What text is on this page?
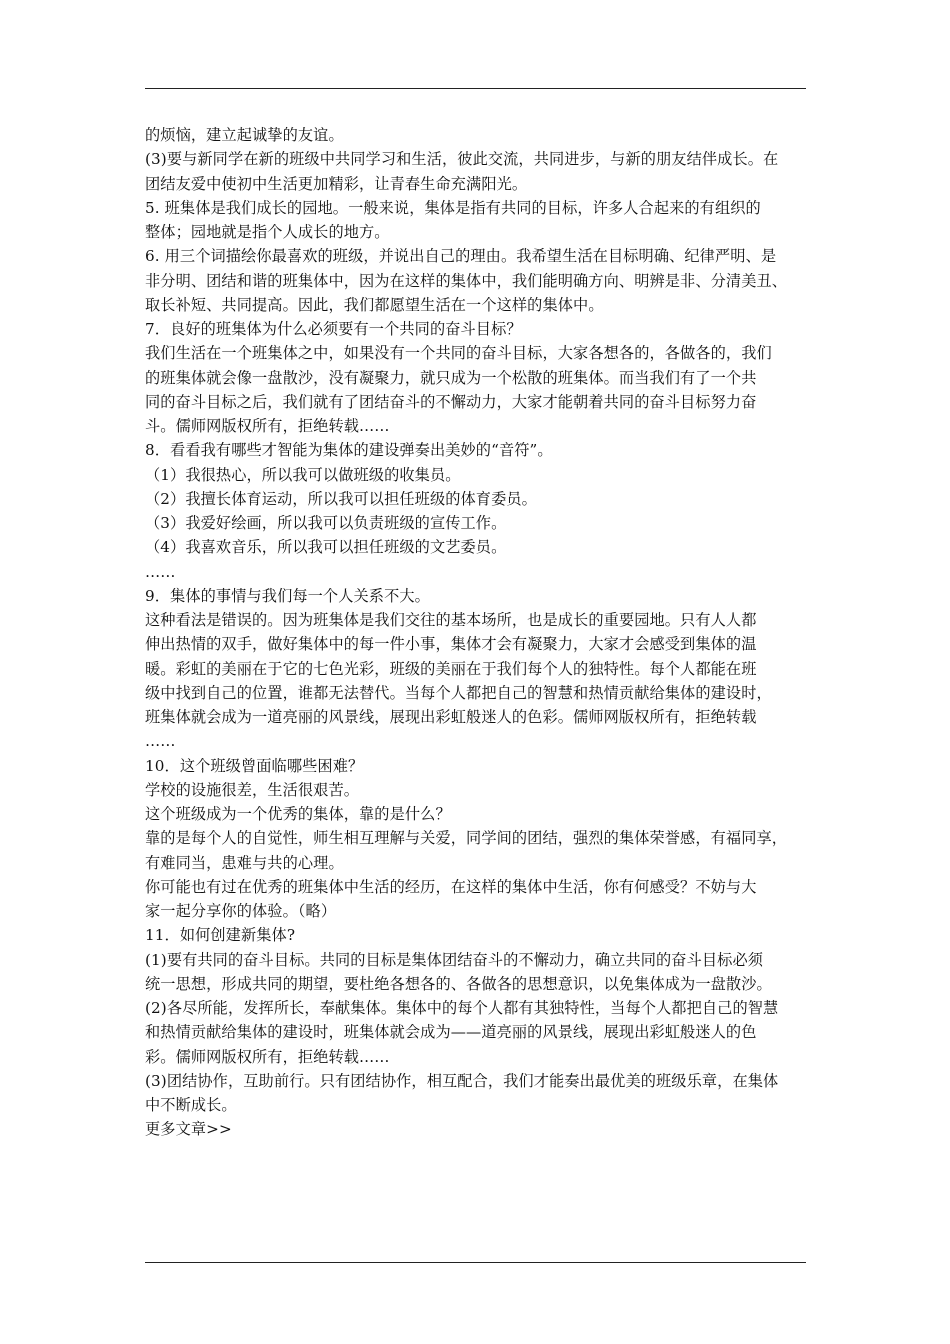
的烦恼，建立起诚挚的友谊。
(3)要与新同学在新的班级中共同学习和生活，彼此交流，共同进步，与新的朋友结伴成长。在
团结友爱中使初中生活更加精彩，让青春生命充满阳光。
5. 班集体是我们成长的园地。一般来说，集体是指有共同的目标，许多人合起来的有组织的
整体；园地就是指个人成长的地方。
6. 用三个词描绘你最喜欢的班级，并说出自己的理由。我希望生活在目标明确、纪律严明、是
非分明、团结和谐的班集体中，因为在这样的集体中，我们能明确方向、明辨是非、分清美丑、
取长补短、共同提高。因此，我们都愿望生活在一个这样的集体中。
7．良好的班集体为什么必须要有一个共同的奋斗目标？
我们生活在一个班集体之中，如果没有一个共同的奋斗目标，大家各想各的，各做各的，我们
的班集体就会像一盘散沙，没有凝聚力，就只成为一个松散的班集体。而当我们有了一个共
同的奋斗目标之后，我们就有了团结奋斗的不懈动力，大家才能朝着共同的奋斗目标努力奋
斗。儒师网版权所有，拒绝转载……
8．看看我有哪些才智能为集体的建设弹奏出美妙的“音符”。
（1）我很热心，所以我可以做班级的收集员。
（2）我擅长体育运动，所以我可以担任班级的体育委员。
（3）我爱好绘画，所以我可以负责班级的宣传工作。
（4）我喜欢音乐，所以我可以担任班级的文艺委员。
……
9．集体的事情与我们每一个人关系不大。
这种看法是错误的。因为班集体是我们交往的基本场所，也是成长的重要园地。只有人人都
伸出热情的双手，做好集体中的每一件小事，集体才会有凝聚力，大家才会感受到集体的温
暖。彩虹的美丽在于它的七色光彩，班级的美丽在于我们每个人的独特性。每个人都能在班
级中找到自己的位置，谁都无法替代。当每个人都把自己的智慧和热情贡献给集体的建设时，
班集体就会成为一道亮丽的风景线，展现出彩虹般迷人的色彩。儒师网版权所有，拒绝转载
……
10．这个班级曾面临哪些困难？
学校的设施很差，生活很艰苦。
这个班级成为一个优秀的集体，靠的是什么？
靠的是每个人的自觉性，师生相互理解与关爱，同学间的团结，强烈的集体荣誉感，有福同享，
有难同当，患难与共的心理。
你可能也有过在优秀的班集体中生活的经历，在这样的集体中生活，你有何感受？不妨与大
家一起分享你的体验。（略）
11．如何创建新集体?
(1)要有共同的奋斗目标。共同的目标是集体团结奋斗的不懈动力，确立共同的奋斗目标必须
统一思想，形成共同的期望，要杜绝各想各的、各做各的思想意识，以免集体成为一盘散沙。
(2)各尽所能，发挥所长，奉献集体。集体中的每个人都有其独特性，当每个人都把自己的智慧
和热情贡献给集体的建设时，班集体就会成为——道亮丽的风景线，展现出彩虹般迷人的色
彩。儒师网版权所有，拒绝转载……
(3)团结协作，互助前行。只有团结协作，相互配合，我们才能奏出最优美的班级乐章，在集体
中不断成长。
更多文章>>
